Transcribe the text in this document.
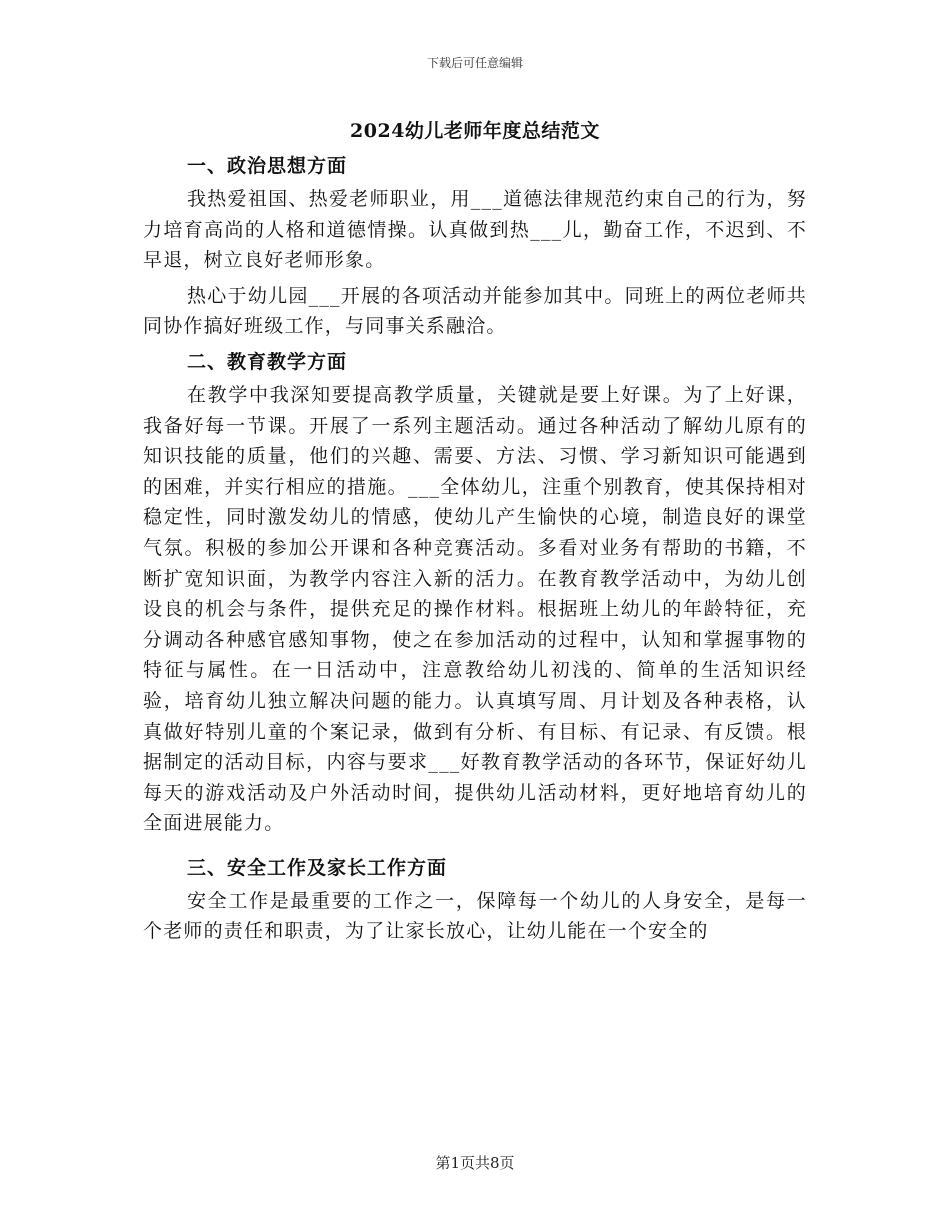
下载后可任意编辑
2024幼儿老师年度总结范文
一、政治思想方面

我热爱祖国、热爱老师职业，用___道德法律规范约束自己的行为，努力培育高尚的人格和道德情操。认真做到热___儿，勤奋工作，不迟到、不早退，树立良好老师形象。

热心于幼儿园___开展的各项活动并能参加其中。同班上的两位老师共同协作搞好班级工作，与同事关系融洽。

二、教育教学方面

在教学中我深知要提高教学质量，关键就是要上好课。为了上好课，我备好每一节课。开展了一系列主题活动。通过各种活动了解幼儿原有的知识技能的质量，他们的兴趣、需要、方法、习惯、学习新知识可能遇到的困难，并实行相应的措施。___全体幼儿，注重个别教育，使其保持相对稳定性，同时激发幼儿的情感，使幼儿产生愉快的心境，制造良好的课堂气氛。积极的参加公开课和各种竞赛活动。多看对业务有帮助的书籍，不断扩宽知识面，为教学内容注入新的活力。在教育教学活动中，为幼儿创设良的机会与条件，提供充足的操作材料。根据班上幼儿的年龄特征，充分调动各种感官感知事物，使之在参加活动的过程中，认知和掌握事物的特征与属性。在一日活动中，注意教给幼儿初浅的、简单的生活知识经验，培育幼儿独立解决问题的能力。认真填写周、月计划及各种表格，认真做好特别儿童的个案记录，做到有分析、有目标、有记录、有反馈。根据制定的活动目标，内容与要求___好教育教学活动的各环节，保证好幼儿每天的游戏活动及户外活动时间，提供幼儿活动材料，更好地培育幼儿的全面进展能力。

三、安全工作及家长工作方面

安全工作是最重要的工作之一，保障每一个幼儿的人身安全，是每一个老师的责任和职责，为了让家长放心，让幼儿能在一个安全的

第1页共8页
